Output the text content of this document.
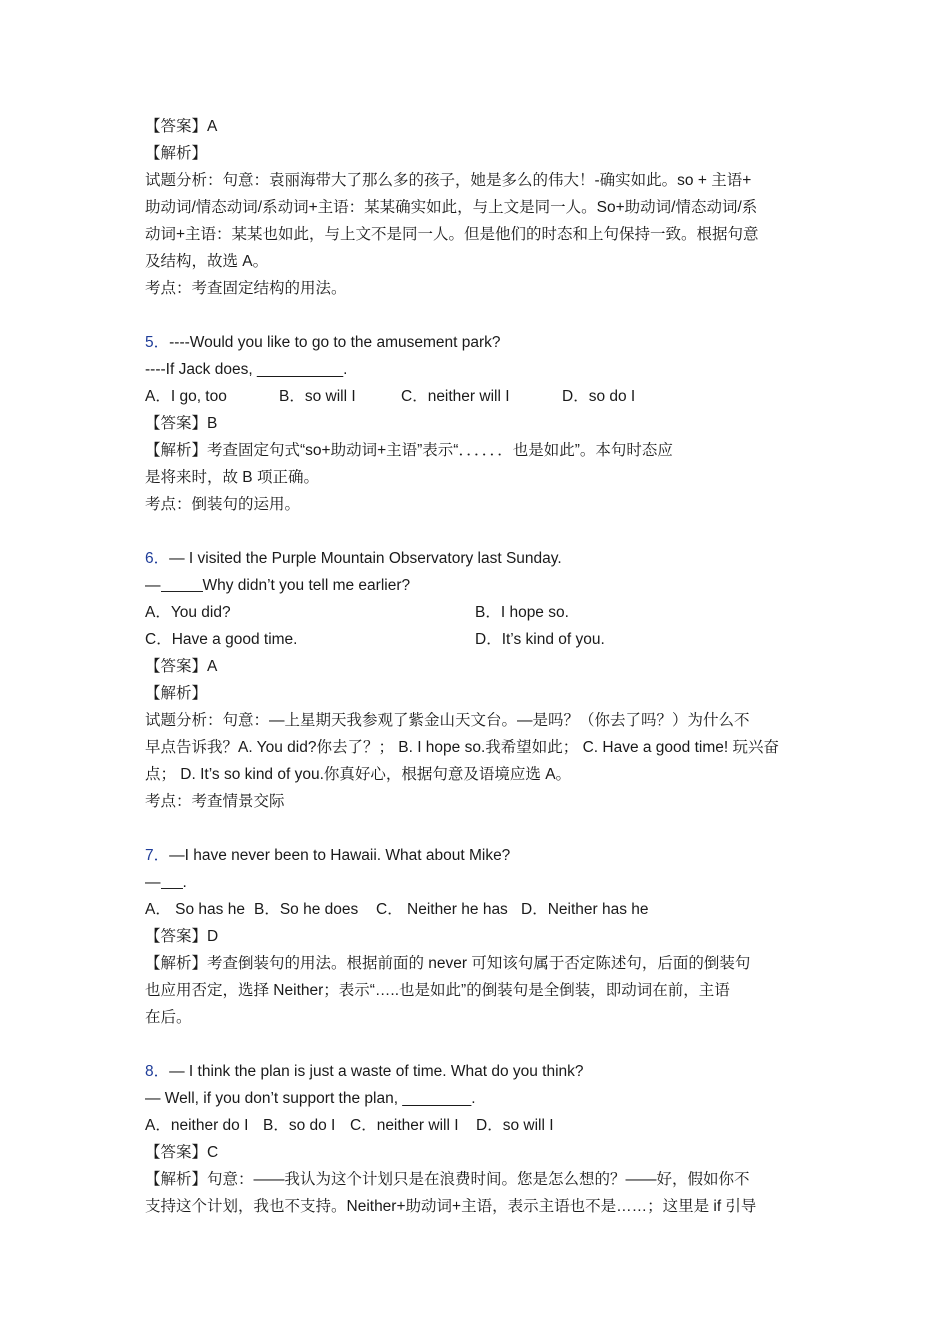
【答案】A
【解析】
试题分析：句意：袁丽海带大了那么多的孩子，她是多么的伟大！-确实如此。so + 主语+
助动词/情态动词/系动词+主语：某某确实如此，与上文是同一人。So+助动词/情态动词/系
动词+主语：某某也如此，与上文不是同一人。但是他们的时态和上句保持一致。根据句意
及结构，故选 A。
考点：考查固定结构的用法。
5．----Would you like to go to the amusement park?
----If Jack does, __________.
A．I go, too	B．so will I	C．neither will I	D．so do I
【答案】B
【解析】考查固定句式“so+助动词+主语”表示“．．．．．．也是如此”。本句时态应
是将来时，故 B 项正确。
考点：倒装句的运用。
6．— I visited the Purple Mountain Observatory last Sunday.
—	Why didn’t you tell me earlier?
A．You did?	B．I hope so.
C．Have a good time.	D．It’s kind of you.
【答案】A
【解析】
试题分析：句意：—上星期天我参观了紫金山天文台。—是吗？（你去了吗？）为什么不
早点告诉我？A. You did?你去了？； B. I hope so.我希望如此； C. Have a good time! 玩兴奋
点； D. It’s so kind of you.你真好心，根据句意及语境应选 A。
考点：考查情景交际
7．—I have never been to Hawaii. What about Mike?
— .
A． So has he B．So he does	C． Neither he has D．Neither has he
【答案】D
【解析】考查倒装句的用法。根据前面的 never 可知该句属于否定陈述句，后面的倒装句
也应用否定，选择 Neither；表示“…..也是如此”的倒装句是全倒装，即动词在前，主语
在后。
8．— I think the plan is just a waste of time. What do you think?
— Well, if you don’t support the plan, ________.
A．neither do I B．so do I C．neither will I	D．so will I
【答案】C
【解析】句意：——我认为这个计划只是在浪费时间。您是怎么想的？——好，假如你不
支持这个计划，我也不支持。Neither+助动词+主语，表示主语也不是……；这里是 if 引导
